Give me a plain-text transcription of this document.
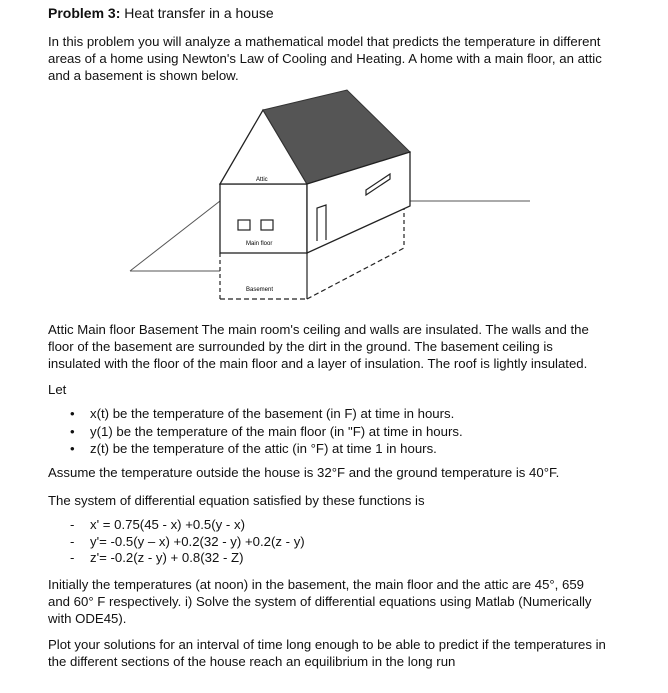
Problem 3: Heat transfer in a house

In this problem you will analyze a mathematical model that predicts the temperature in different areas of a home using Newton's Law of Cooling and Heating. A home with a main floor, an attic and a basement is shown below.

Attic
Main floor
Basement

Attic Main floor Basement The main room's ceiling and walls are insulated. The walls and the floor of the basement are surrounded by the dirt in the ground. The basement ceiling is insulated with the floor of the main floor and a layer of insulation. The roof is lightly insulated.

Let

• x(t) be the temperature of the basement (in F) at time in hours.
• y(1) be the temperature of the main floor (in "F) at time in hours.
• z(t) be the temperature of the attic (in °F) at time 1 in hours.

Assume the temperature outside the house is 32°F and the ground temperature is 40°F.

The system of differential equation satisfied by these functions is

- x' = 0.75(45 - x) +0.5(y - x)
- y'= -0.5(y – x) +0.2(32 - y) +0.2(z - y)
- z'= -0.2(z - y) + 0.8(32 - Z)

Initially the temperatures (at noon) in the basement, the main floor and the attic are 45°, 659 and 60° F respectively. i) Solve the system of differential equations using Matlab (Numerically with ODE45).

Plot your solutions for an interval of time long enough to be able to predict if the temperatures in the different sections of the house reach an equilibrium in the long run
